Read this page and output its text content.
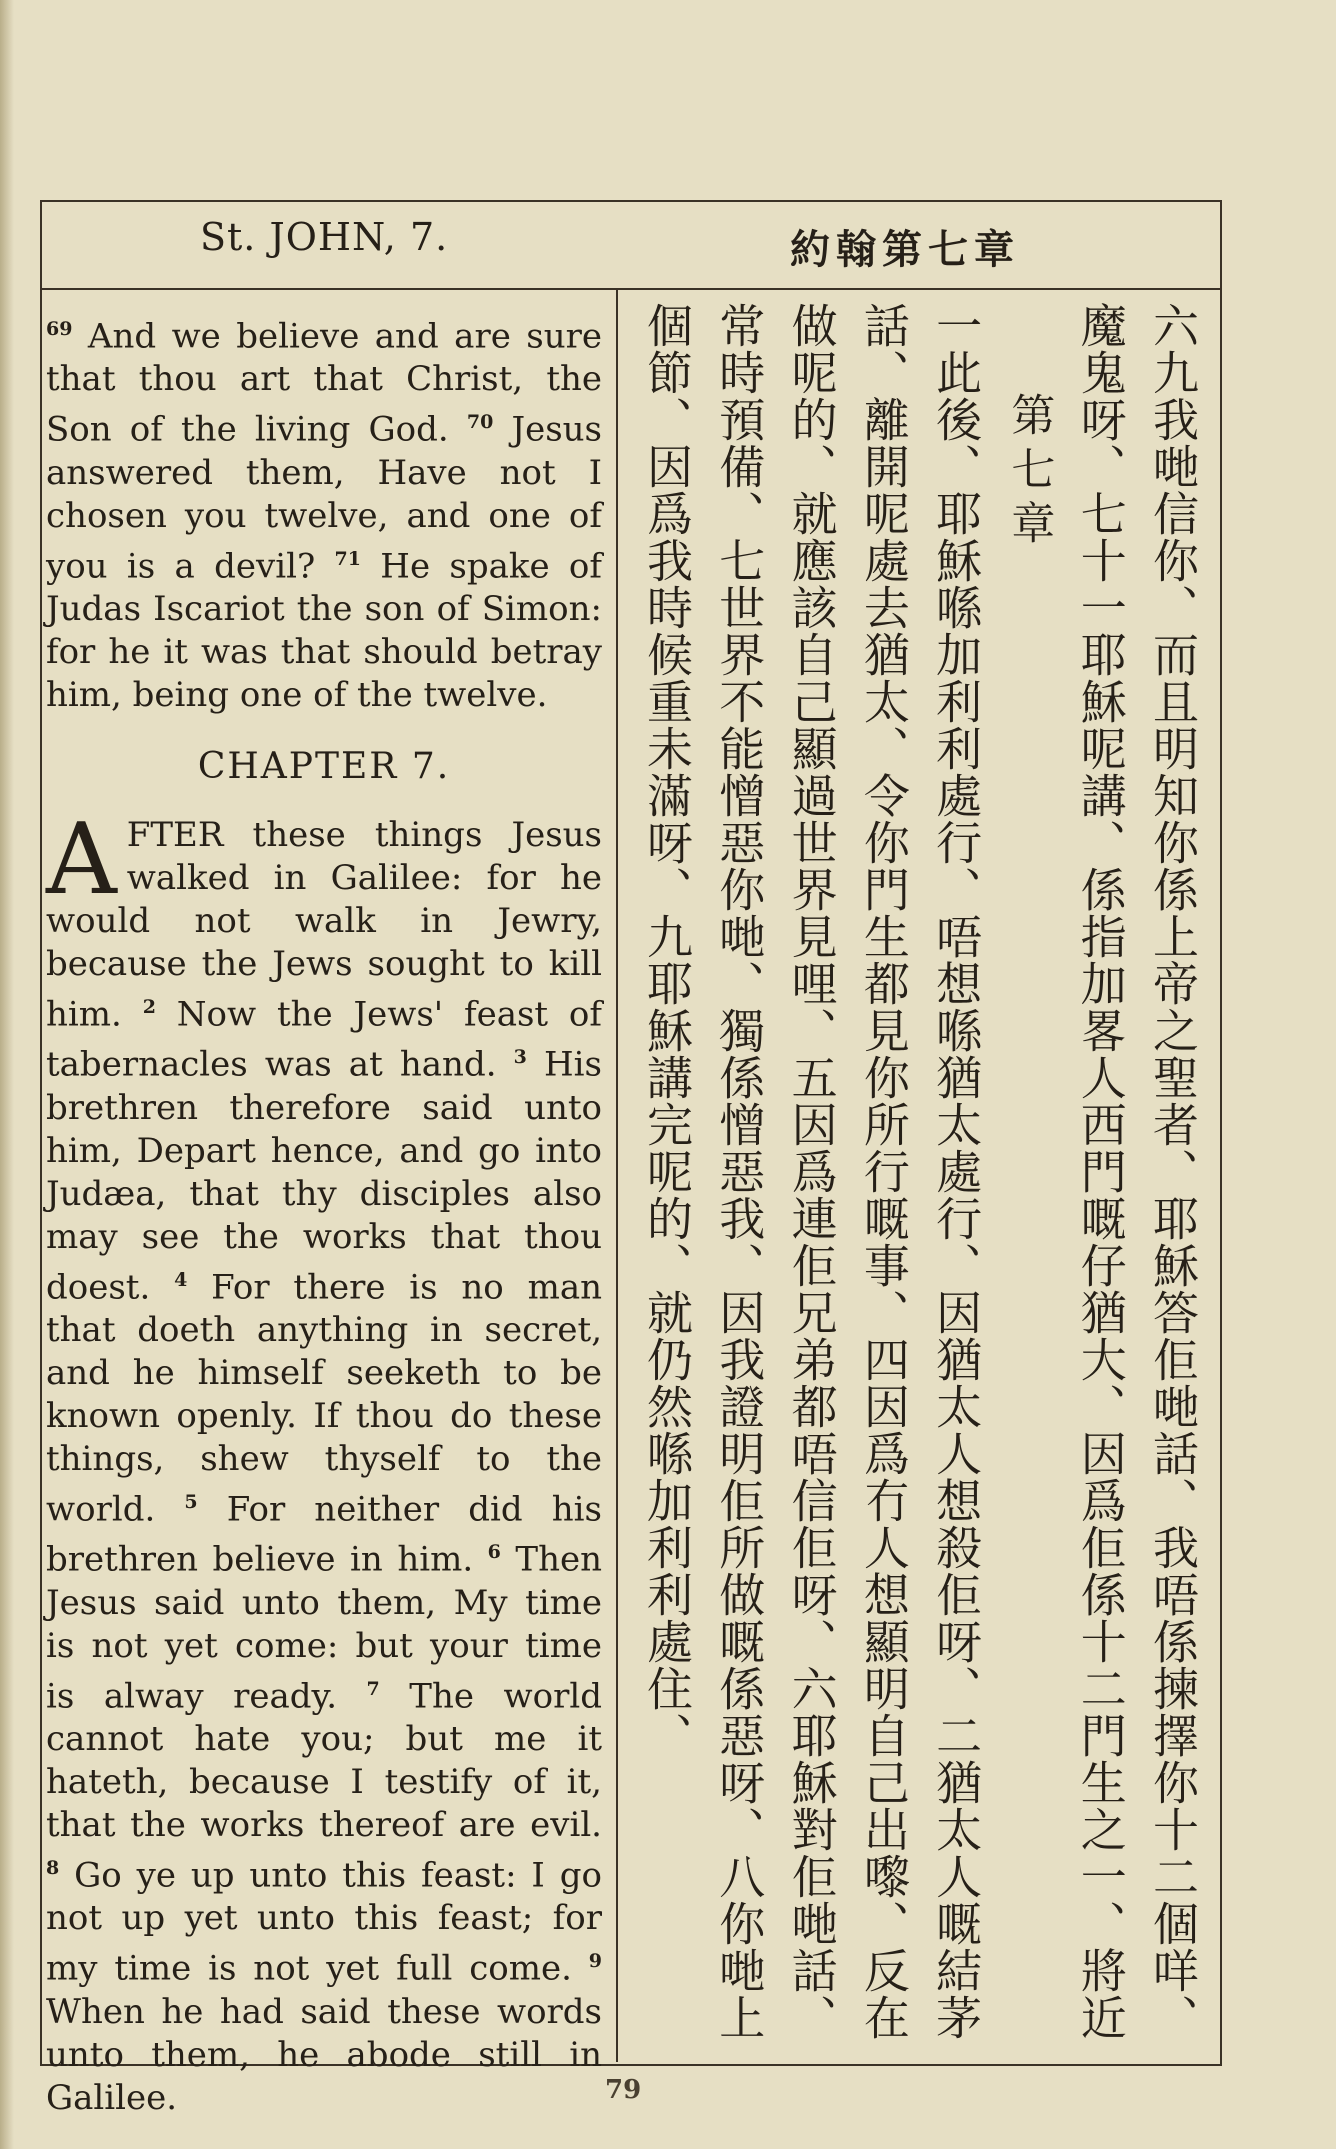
St. JOHN, 7.	約翰第七章

$^{69}$ And we believe and are sure that thou art that Christ, the Son of the living God. $^{70}$ Jesus answered them, Have not I chosen you twelve, and one of you is a devil? $^{71}$ He spake of Judas Iscariot the son of Simon: for he it was that should betray him, being one of the twelve.

CHAPTER 7.

AFTER these things Jesus walked in Galilee: for he would not walk in Jewry, because the Jews sought to kill him. $^2$ Now the Jews' feast of tabernacles was at hand. $^3$ His brethren therefore said unto him, Depart hence, and go into Judæa, that thy disciples also may see the works that thou doest. $^4$ For there is no man that doeth anything in secret, and he himself seeketh to be known openly. If thou do these things, shew thyself to the world. $^5$ For neither did his brethren believe in him. $^6$ Then Jesus said unto them, My time is not yet come: but your time is alway ready. $^7$ The world cannot hate you; but me it hateth, because I testify of it, that the works thereof are evil. $^8$ Go ye up unto this feast: I go not up yet unto this feast; for my time is not yet full come. $^9$ When he had said these words unto them, he abode still in Galilee.

六九我哋信你、而且明知你係上帝之聖者、耶穌答佢哋話、我唔係揀擇你十二個咩、

魔鬼呀、七十一耶穌呢講、係指加畧人西門嘅仔猶大、因爲佢係十二門生之一、將近

第七章

一此後、耶穌喺加利利處行、唔想喺猶太處行、因猶太人想殺佢呀、二猶太人嘅結茅

話、離開呢處去猶太、令你門生都見你所行嘅事、四因爲冇人想顯明自己出嚟、反在

做呢的、就應該自己顯過世界見哩、五因爲連佢兄弟都唔信佢呀、六耶穌對佢哋話、

常時預備、七世界不能憎惡你哋、獨係憎惡我、因我證明佢所做嘅係惡呀、八你哋上

個節、因爲我時候重未滿呀、九耶穌講完呢的、就仍然喺加利利處住、

79
